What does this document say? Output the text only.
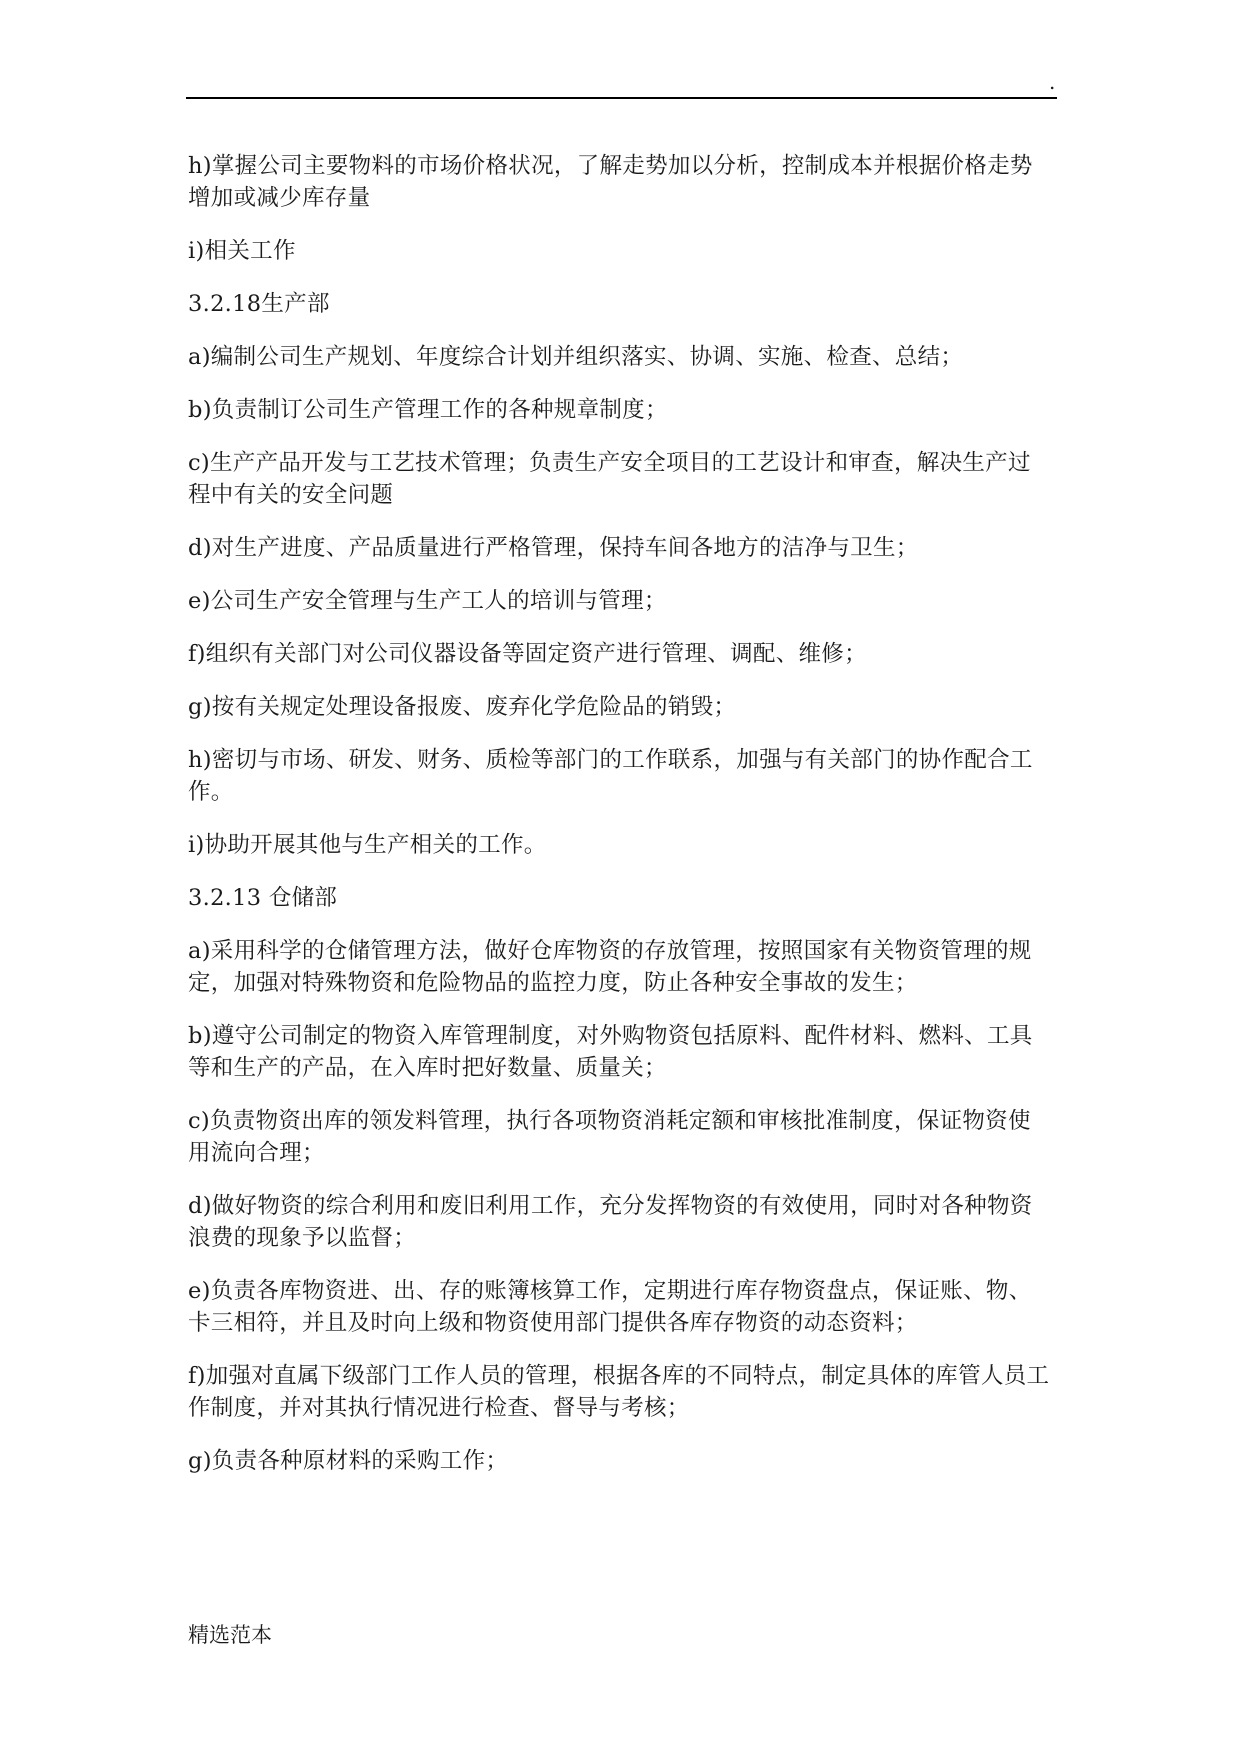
.

h)掌握公司主要物料的市场价格状况，了解走势加以分析，控制成本并根据价格走势增加或减少库存量

i)相关工作

3.2.18生产部

a)编制公司生产规划、年度综合计划并组织落实、协调、实施、检查、总结；

b)负责制订公司生产管理工作的各种规章制度；

c)生产产品开发与工艺技术管理；负责生产安全项目的工艺设计和审查，解决生产过程中有关的安全问题

d)对生产进度、产品质量进行严格管理，保持车间各地方的洁净与卫生；

e)公司生产安全管理与生产工人的培训与管理；

f)组织有关部门对公司仪器设备等固定资产进行管理、调配、维修；

g)按有关规定处理设备报废、废弃化学危险品的销毁；

h)密切与市场、研发、财务、质检等部门的工作联系，加强与有关部门的协作配合工作。

i)协助开展其他与生产相关的工作。

3.2.13 仓储部

a)采用科学的仓储管理方法，做好仓库物资的存放管理，按照国家有关物资管理的规定，加强对特殊物资和危险物品的监控力度，防止各种安全事故的发生；

b)遵守公司制定的物资入库管理制度，对外购物资包括原料、配件材料、燃料、工具等和生产的产品，在入库时把好数量、质量关；

c)负责物资出库的领发料管理，执行各项物资消耗定额和审核批准制度，保证物资使用流向合理；

d)做好物资的综合利用和废旧利用工作，充分发挥物资的有效使用，同时对各种物资浪费的现象予以监督；

e)负责各库物资进、出、存的账簿核算工作，定期进行库存物资盘点，保证账、物、卡三相符，并且及时向上级和物资使用部门提供各库存物资的动态资料；

f)加强对直属下级部门工作人员的管理，根据各库的不同特点，制定具体的库管人员工作制度，并对其执行情况进行检查、督导与考核；

g)负责各种原材料的采购工作；

精选范本
